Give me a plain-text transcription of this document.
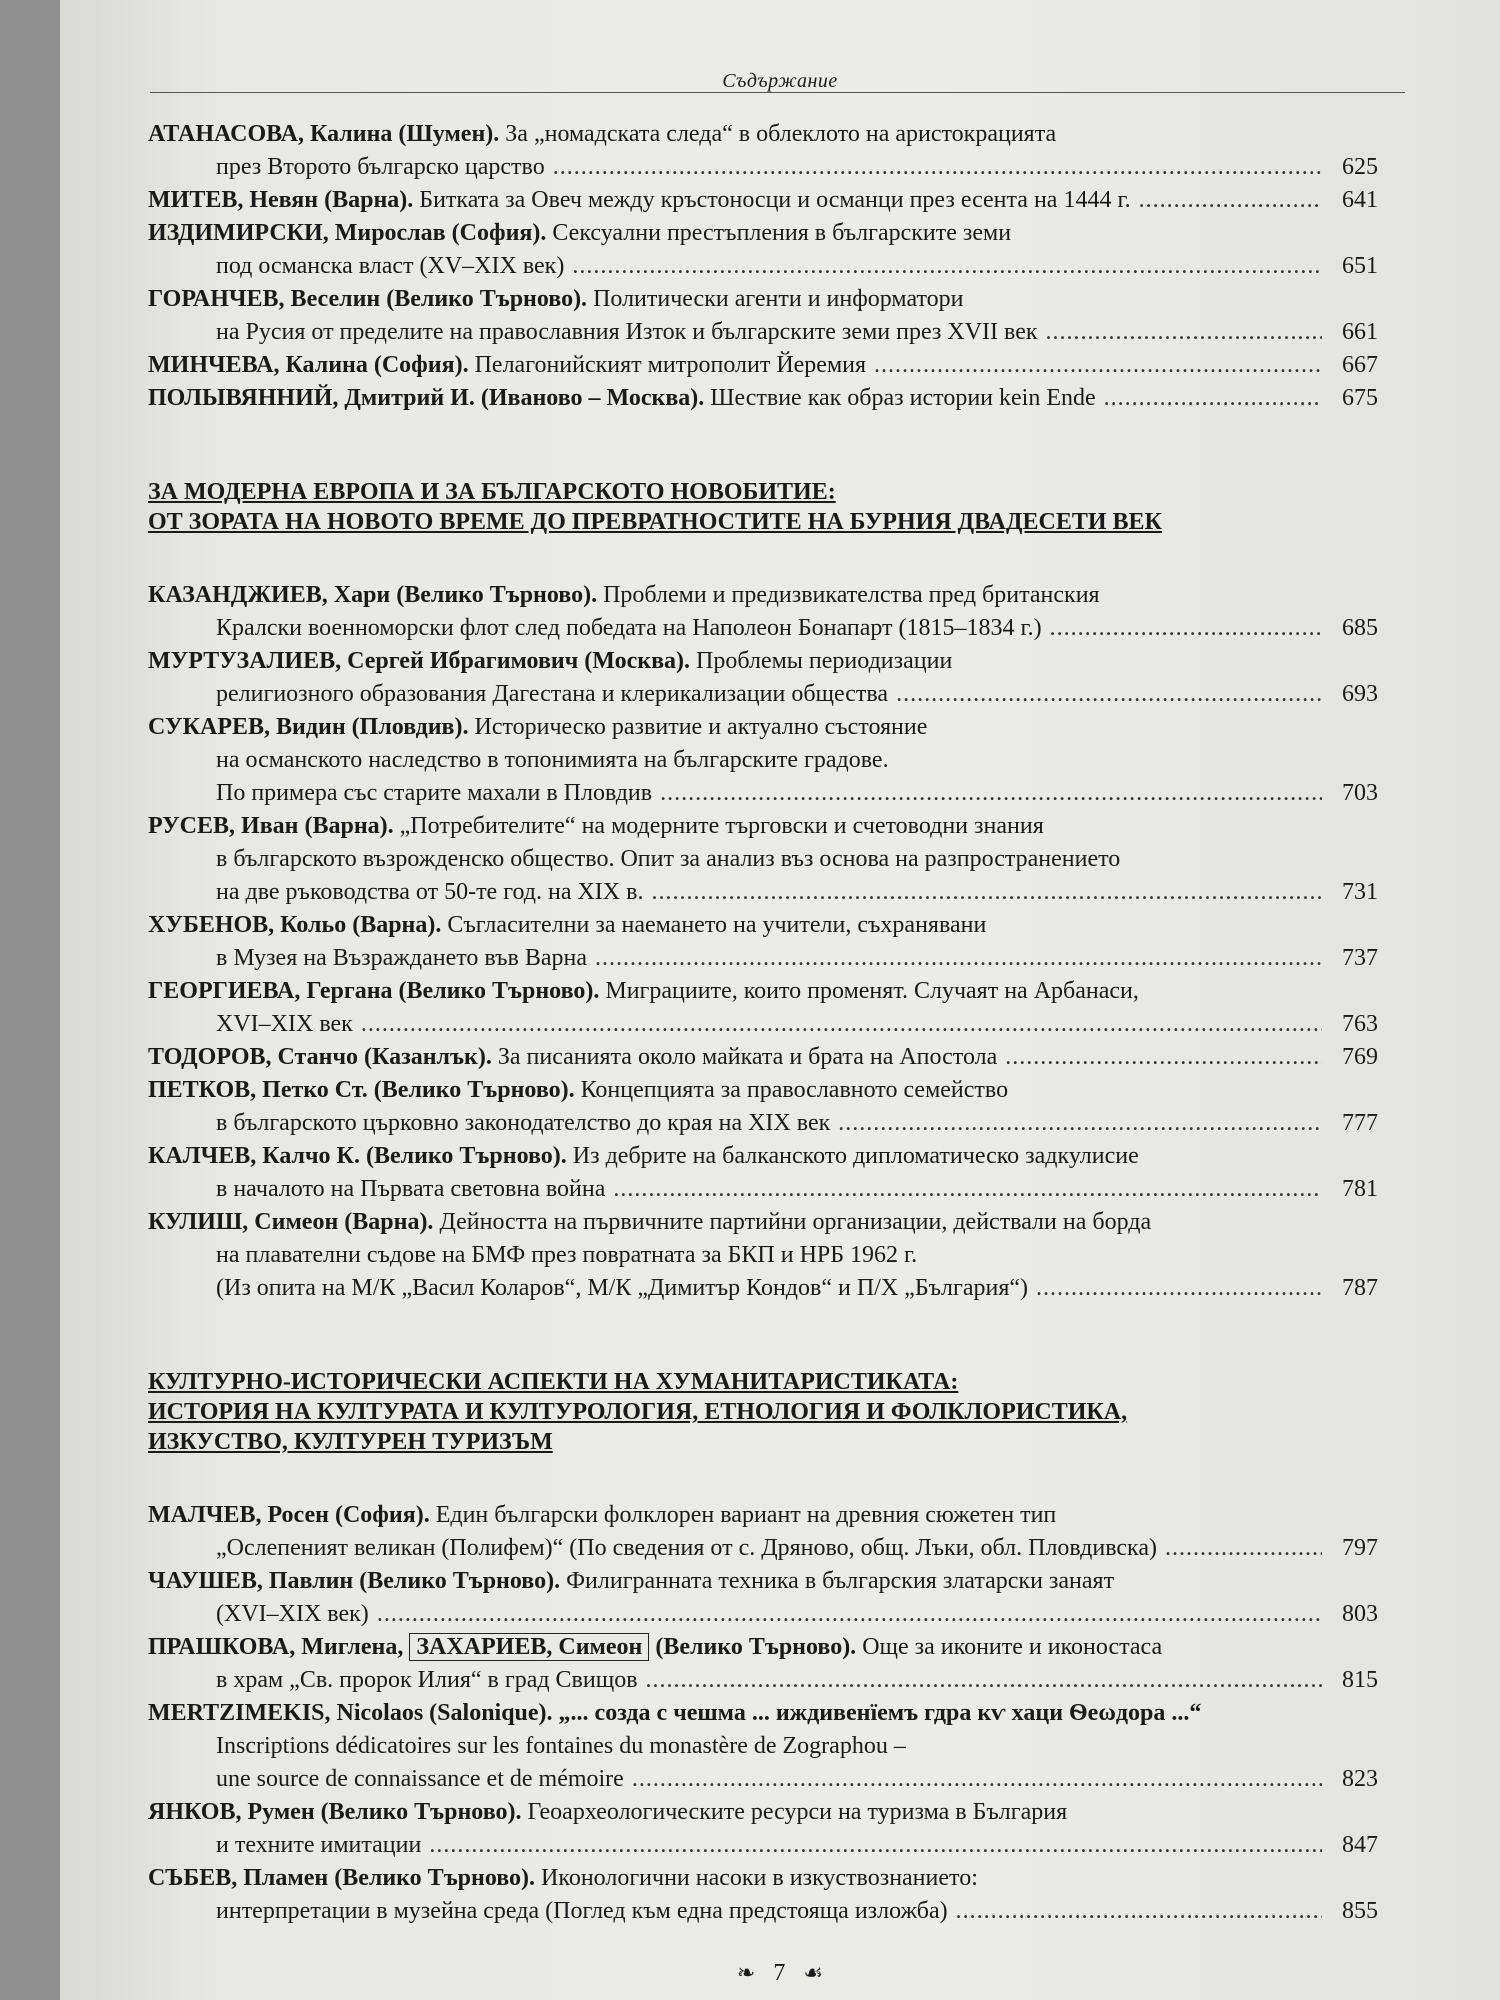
Съдържание
АТАНАСОВА, Калина (Шумен). За „номадската следа“ в облеклото на аристокрацията
през Второто българско царство .....	625
МИТЕВ, Невян (Варна). Битката за Овеч между кръстоносци и османци през есента на 1444 г. .....	641
ИЗДИМИРСКИ, Мирослав (София). Сексуални престъпления в българските земи
под османска власт (XV–XIX век) .....	651
ГОРАНЧЕВ, Веселин (Велико Търново). Политически агенти и информатори
на Русия от пределите на православния Изток и българските земи през XVII век .....	661
МИНЧЕВА, Калина (София). Пелагонийският митрополит Йеремия .....	667
ПОЛЫВЯННИЙ, Дмитрий И. (Иваново – Москва). Шествие как образ истории kein Ende .....	675
ЗА МОДЕРНА ЕВРОПА И ЗА БЪЛГАРСКОТО НОВОБИТИЕ:
ОТ ЗОРАТА НА НОВОТО ВРЕМЕ ДО ПРЕВРАТНОСТИТЕ НА БУРНИЯ ДВАДЕСЕТИ ВЕК
КАЗАНДЖИЕВ, Хари (Велико Търново). Проблеми и предизвикателства пред британския
Кралски военноморски флот след победата на Наполеон Бонапарт (1815–1834 г.) .....	685
МУРТУЗАЛИЕВ, Сергей Ибрагимович (Москва). Проблемы периодизации
религиозного образования Дагестана и клерикализации общества .....	693
СУКАРЕВ, Видин (Пловдив). Историческо развитие и актуално състояние
на османското наследство в топонимията на българските градове.
По примера със старите махали в Пловдив .....	703
РУСЕВ, Иван (Варна). „Потребителите“ на модерните търговски и счетоводни знания
в българското възрожденско общество. Опит за анализ въз основа на разпространението
на две ръководства от 50-те год. на XIX в. .....	731
ХУБЕНОВ, Кольо (Варна). Съгласителни за наемането на учители, съхранявани
в Музея на Възраждането във Варна .....	737
ГЕОРГИЕВА, Гергана (Велико Търново). Миграциите, които променят. Случаят на Арбанаси,
XVI–XIX век .....	763
ТОДОРОВ, Станчо (Казанлък). За писанията около майката и брата на Апостола .....	769
ПЕТКОВ, Петко Ст. (Велико Търново). Концепцията за православното семейство
в българското църковно законодателство до края на XIX век .....	777
КАЛЧЕВ, Калчо К. (Велико Търново). Из дебрите на балканското дипломатическо задкулисие
в началото на Първата световна война .....	781
КУЛИШ, Симеон (Варна). Дейността на първичните партийни организации, действали на борда
на плавателни съдове на БМФ през повратната за БКП и НРБ 1962 г.
(Из опита на М/К „Васил Коларов“, М/К „Димитър Кондов“ и П/Х „България“) .....	787
КУЛТУРНО-ИСТОРИЧЕСКИ АСПЕКТИ НА ХУМАНИТАРИСТИКАТА:
ИСТОРИЯ НА КУЛТУРАТА И КУЛТУРОЛОГИЯ, ЕТНОЛОГИЯ И ФОЛКЛОРИСТИКА,
ИЗКУСТВО, КУЛТУРЕН ТУРИЗЪМ
МАЛЧЕВ, Росен (София). Един български фолклорен вариант на древния сюжетен тип
„Ослепеният великан (Полифем)“ (По сведения от с. Дряново, общ. Лъки, обл. Пловдивска) .....	797
ЧАУШЕВ, Павлин (Велико Търново). Филигранната техника в българския златарски занаят
(XVI–XIX век) .....	803
ПРАШКОВА, Миглена, ЗАХАРИЕВ, Симеон (Велико Търново). Още за иконите и иконостаса
в храм „Св. пророк Илия“ в град Свищов .....	815
MERTZIMEKIS, Nicolaos (Salonique). „... созда с чешма ... иждивенїемъ гдра кѵ хаци Ѳеωдора ...“
Inscriptions dédicatoires sur les fontaines du monastère de Zographou –
une source de connaissance et de mémoire .....	823
ЯНКОВ, Румен (Велико Търново). Геоархеологическите ресурси на туризма в България
и техните имитации .....	847
СЪБЕВ, Пламен (Велико Търново). Иконологични насоки в изкуствознанието:
интерпретации в музейна среда (Поглед към една предстояща изложба) .....	855
❧ 7 ☙
